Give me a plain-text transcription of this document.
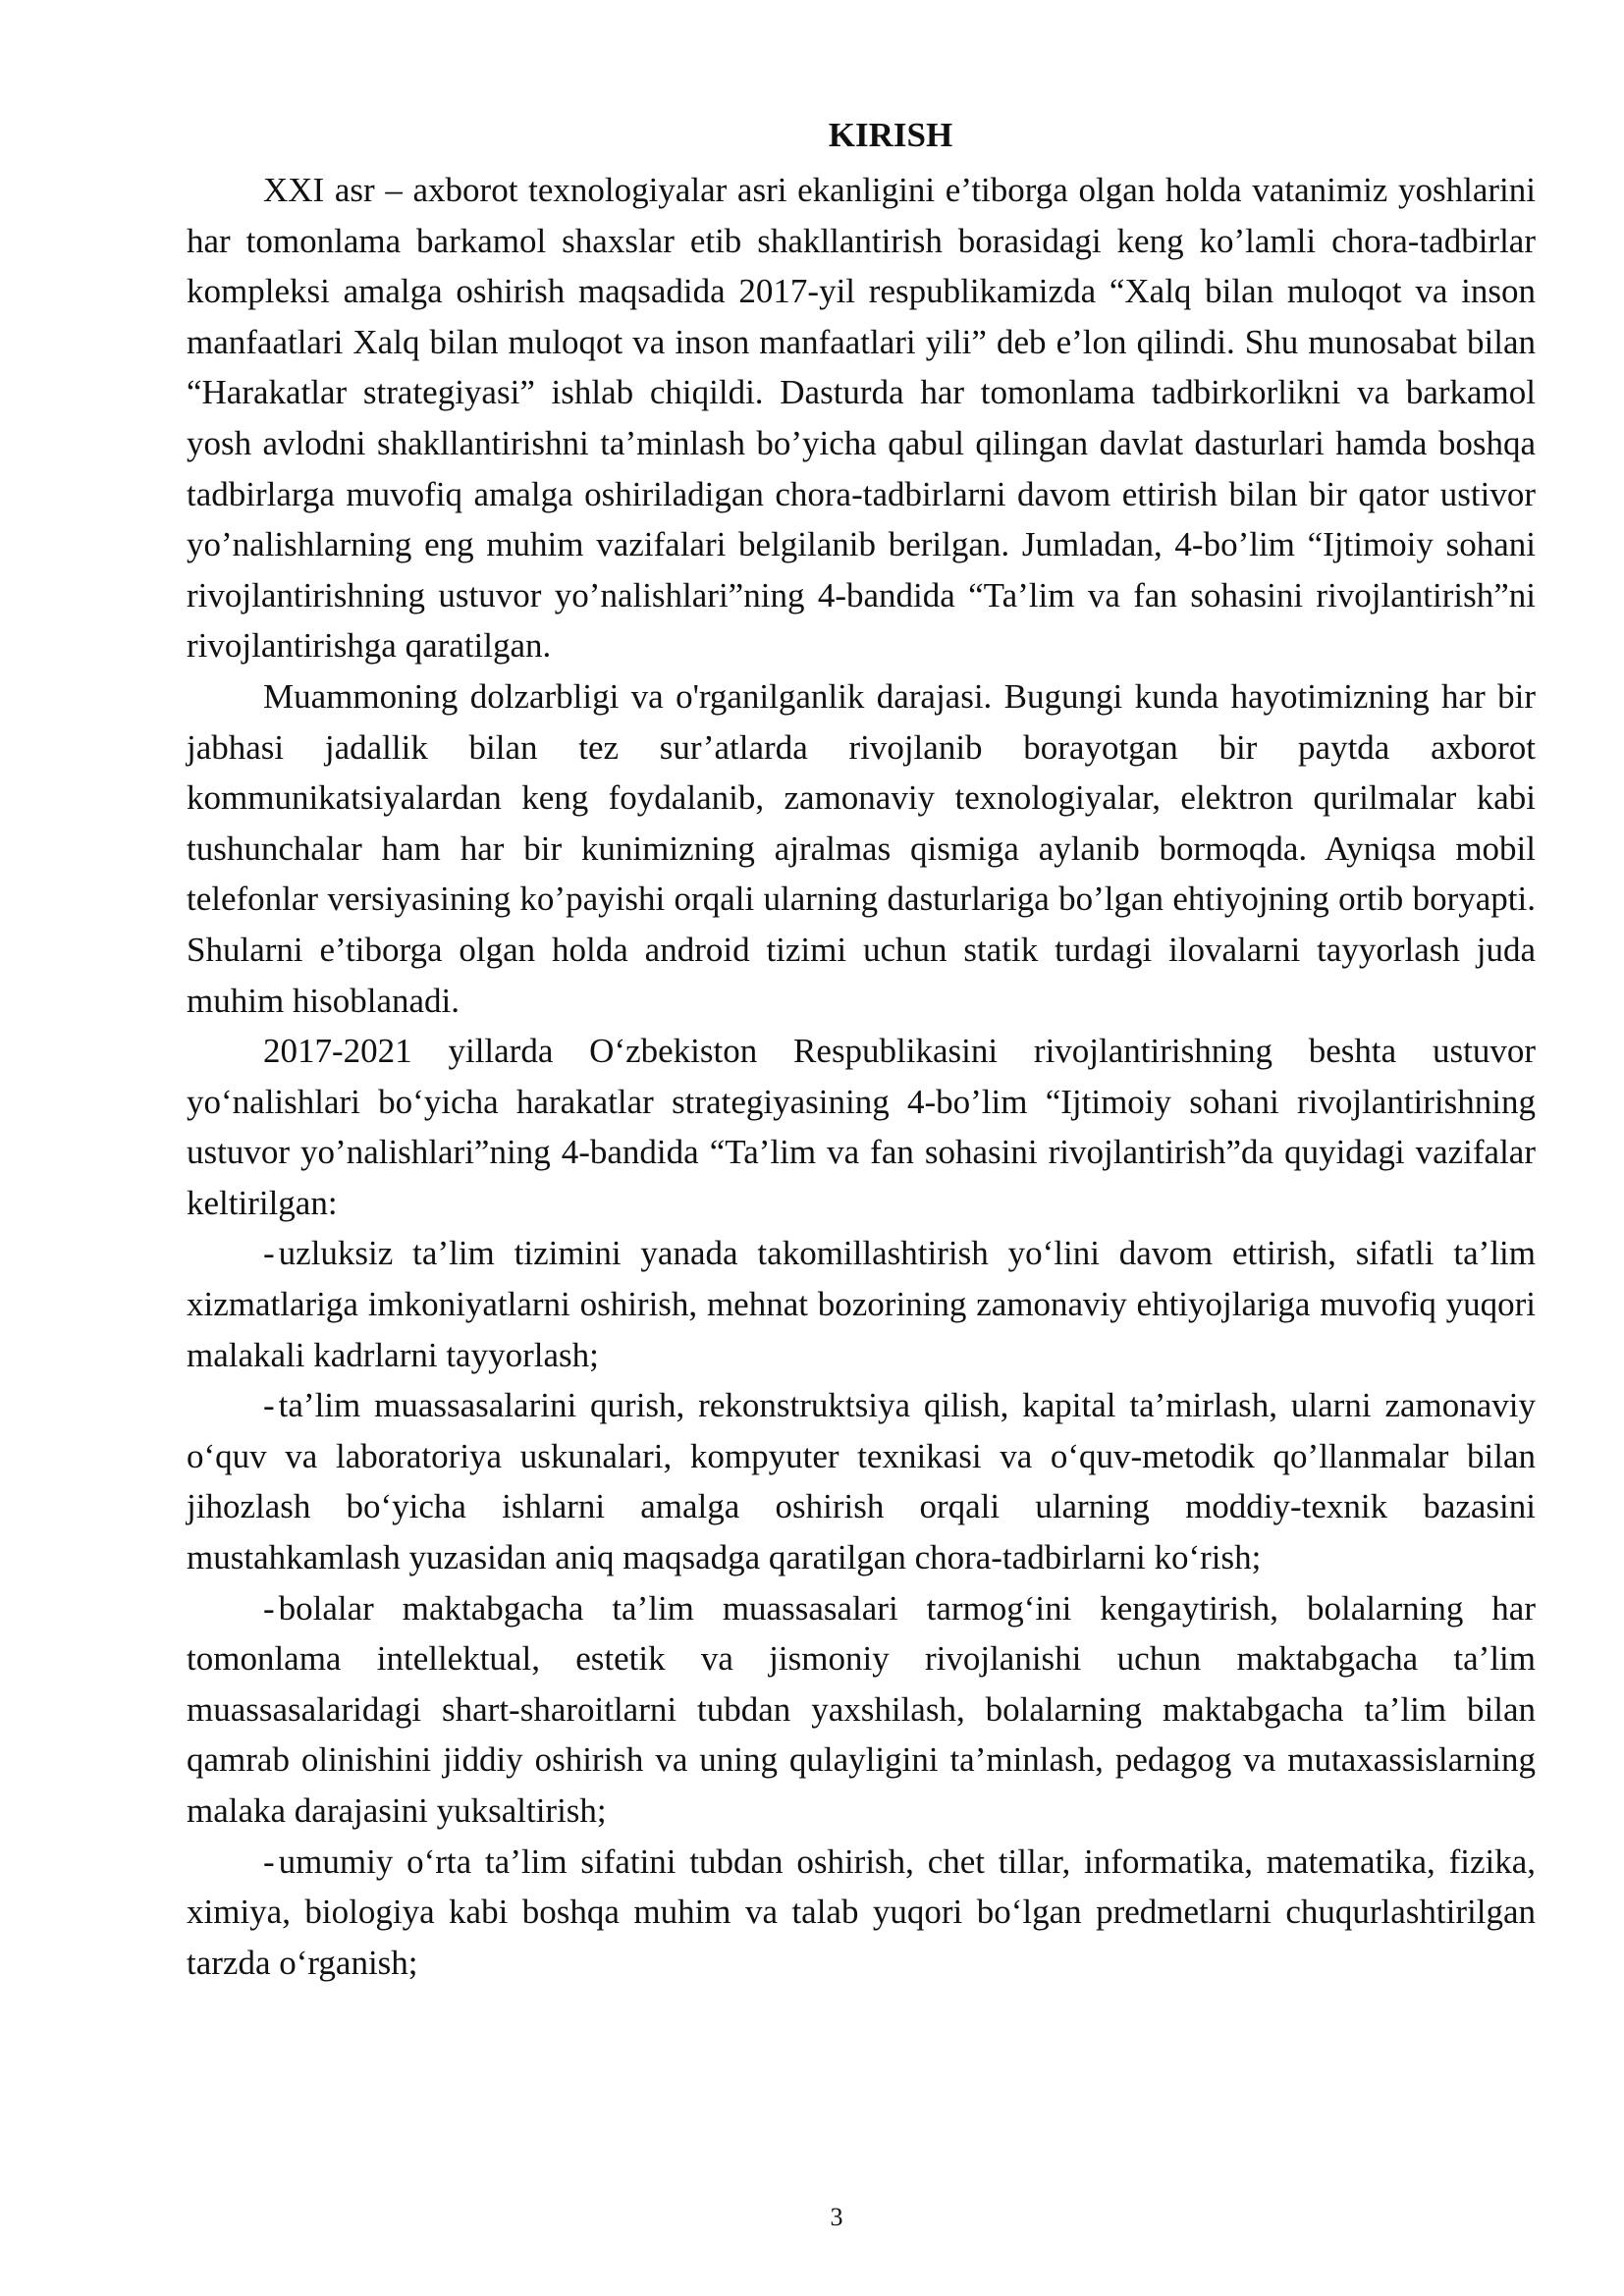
KIRISH

XXI asr – axborot texnologiyalar asri ekanligini e’tiborga olgan holda vatanimiz yoshlarini har tomonlama barkamol shaxslar etib shakllantirish borasidagi keng ko’lamli chora-tadbirlar kompleksi amalga oshirish maqsadida 2017-yil respublikamizda “Xalq bilan muloqot va inson manfaatlari Xalq bilan muloqot va inson manfaatlari yili” deb e’lon qilindi. Shu munosabat bilan “Harakatlar strategiyasi” ishlab chiqildi. Dasturda har tomonlama tadbirkorlikni va barkamol yosh avlodni shakllantirishni ta’minlash bo’yicha qabul qilingan davlat dasturlari hamda boshqa tadbirlarga muvofiq amalga oshiriladigan chora-tadbirlarni davom ettirish bilan bir qator ustivor yo’nalishlarning eng muhim vazifalari belgilanib berilgan. Jumladan, 4-bo’lim “Ijtimoiy sohani rivojlantirishning ustuvor yo’nalishlari”ning 4-bandida “Ta’lim va fan sohasini rivojlantirish”ni rivojlantirishga qaratilgan.

Muammoning dolzarbligi va o'rganilganlik darajasi. Bugungi kunda hayotimizning har bir jabhasi jadallik bilan tez sur’atlarda rivojlanib borayotgan bir paytda axborot kommunikatsiyalardan keng foydalanib, zamonaviy texnologiyalar, elektron qurilmalar kabi tushunchalar ham har bir kunimizning ajralmas qismiga aylanib bormoqda. Ayniqsa mobil telefonlar versiyasining ko’payishi orqali ularning dasturlariga bo’lgan ehtiyojning ortib boryapti. Shularni e’tiborga olgan holda android tizimi uchun statik turdagi ilovalarni tayyorlash juda muhim hisoblanadi.

2017-2021 yillarda O‘zbekiston Respublikasini rivojlantirishning beshta ustuvor yo‘nalishlari bo‘yicha harakatlar strategiyasining 4-bo’lim “Ijtimoiy sohani rivojlantirishning ustuvor yo’nalishlari”ning 4-bandida “Ta’lim va fan sohasini rivojlantirish”da quyidagi vazifalar keltirilgan:

- uzluksiz ta’lim tizimini yanada takomillashtirish yo‘lini davom ettirish, sifatli ta’lim xizmatlariga imkoniyatlarni oshirish, mehnat bozorining zamonaviy ehtiyojlariga muvofiq yuqori malakali kadrlarni tayyorlash;

- ta’lim muassasalarini qurish, rekonstruktsiya qilish, kapital ta’mirlash, ularni zamonaviy o‘quv va laboratoriya uskunalari, kompyuter texnikasi va o‘quv-metodik qo’llanmalar bilan jihozlash bo‘yicha ishlarni amalga oshirish orqali ularning moddiy-texnik bazasini mustahkamlash yuzasidan aniq maqsadga qaratilgan chora-tadbirlarni ko‘rish;

- bolalar maktabgacha ta’lim muassasalari tarmog‘ini kengaytirish, bolalarning har tomonlama intellektual, estetik va jismoniy rivojlanishi uchun maktabgacha ta’lim muassasalaridagi shart-sharoitlarni tubdan yaxshilash, bolalarning maktabgacha ta’lim bilan qamrab olinishini jiddiy oshirish va uning qulayligini ta’minlash, pedagog va mutaxassislarning malaka darajasini yuksaltirish;

- umumiy o‘rta ta’lim sifatini tubdan oshirish, chet tillar, informatika, matematika, fizika, ximiya, biologiya kabi boshqa muhim va talab yuqori bo‘lgan predmetlarni chuqurlashtirilgan tarzda o‘rganish;

3
